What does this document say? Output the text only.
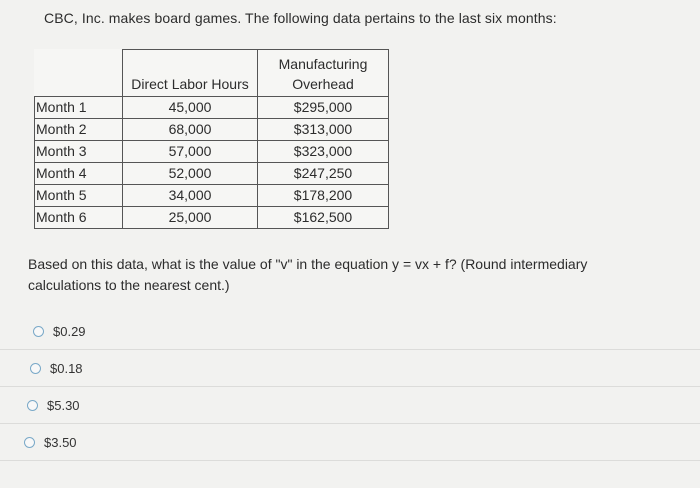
CBC, Inc. makes board games. The following data pertains to the last six months:
	Direct Labor Hours	Manufacturing
Overhead
Month 1	45,000	$295,000
Month 2	68,000	$313,000
Month 3	57,000	$323,000
Month 4	52,000	$247,250
Month 5	34,000	$178,200
Month 6	25,000	$162,500
Based on this data, what is the value of "v" in the equation y = vx + f? (Round intermediary
calculations to the nearest cent.)
$0.29
$0.18
$5.30
$3.50
